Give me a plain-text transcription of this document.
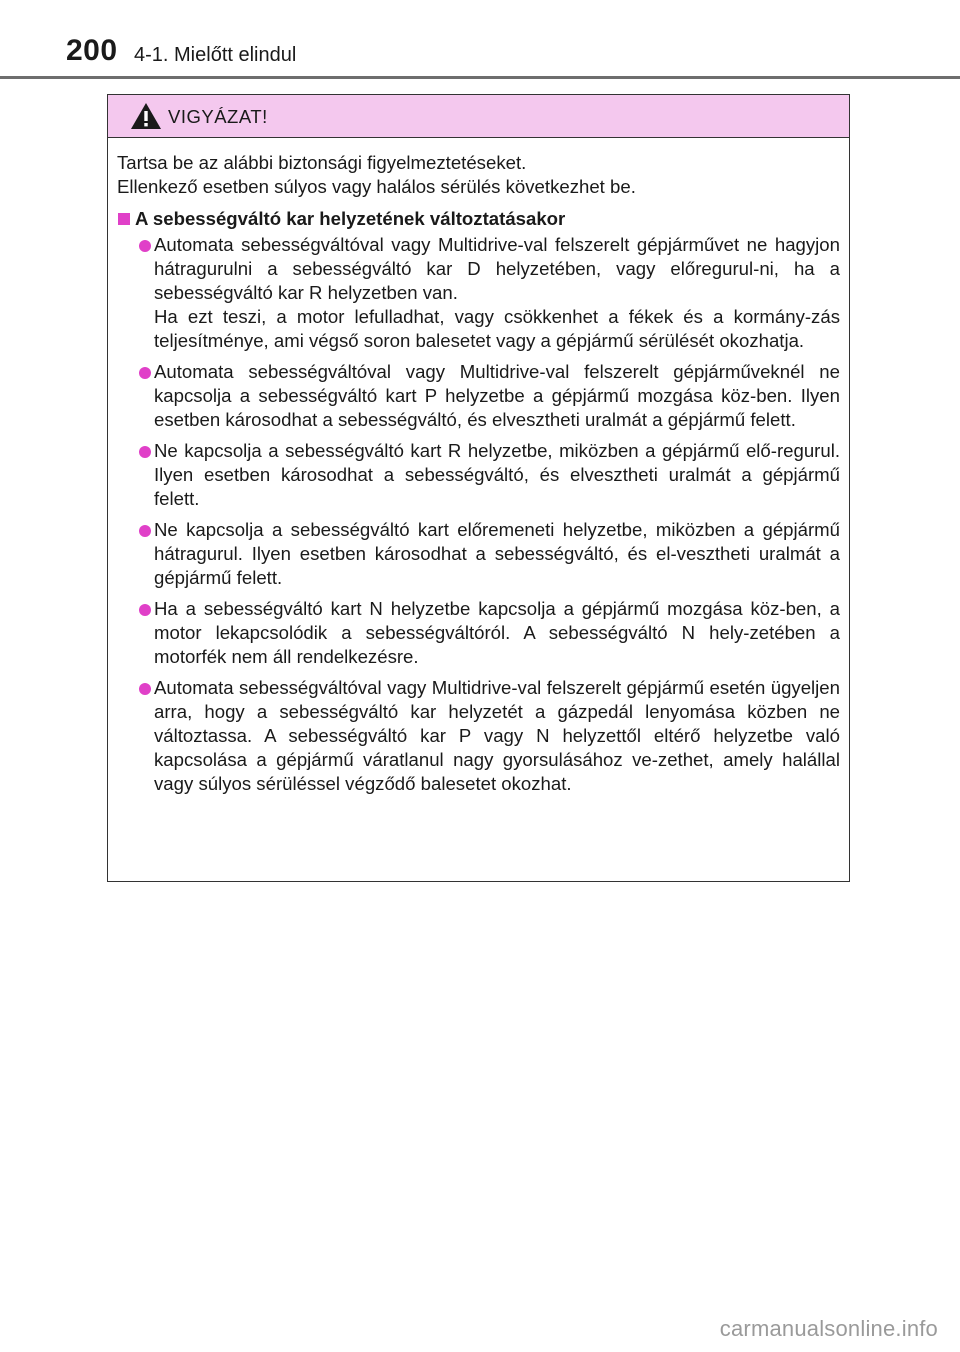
200 4-1. Mielőtt elindul
VIGYÁZAT!

Tartsa be az alábbi biztonsági figyelmeztetéseket.

Ellenkező esetben súlyos vagy halálos sérülés következhet be.

A sebességváltó kar helyzetének változtatásakor
Automata sebességváltóval vagy Multidrive-val felszerelt gépjárművet ne hagyjon hátragurulni a sebességváltó kar D helyzetében, vagy előregurul-ni, ha a sebességváltó kar R helyzetben van.
Ha ezt teszi, a motor lefulladhat, vagy csökkenhet a fékek és a kormány-zás teljesítménye, ami végső soron balesetet vagy a gépjármű sérülését okozhatja.
Automata sebességváltóval vagy Multidrive-val felszerelt gépjárműveknél ne kapcsolja a sebességváltó kart P helyzetbe a gépjármű mozgása köz-ben. Ilyen esetben károsodhat a sebességváltó, és elvesztheti uralmát a gépjármű felett.
Ne kapcsolja a sebességváltó kart R helyzetbe, miközben a gépjármű elő-regurul. Ilyen esetben károsodhat a sebességváltó, és elvesztheti uralmát a gépjármű felett.
Ne kapcsolja a sebességváltó kart előremeneti helyzetbe, miközben a gépjármű hátragurul. Ilyen esetben károsodhat a sebességváltó, és el-vesztheti uralmát a gépjármű felett.
Ha a sebességváltó kart N helyzetbe kapcsolja a gépjármű mozgása köz-ben, a motor lekapcsolódik a sebességváltóról. A sebességváltó N hely-zetében a motorfék nem áll rendelkezésre.
Automata sebességváltóval vagy Multidrive-val felszerelt gépjármű esetén ügyeljen arra, hogy a sebességváltó kar helyzetét a gázpedál lenyomása közben ne változtassa. A sebességváltó kar P vagy N helyzettől eltérő helyzetbe való kapcsolása a gépjármű váratlanul nagy gyorsulásához ve-zethet, amely halállal vagy súlyos sérüléssel végződő balesetet okozhat.
carmanualsonline.info
